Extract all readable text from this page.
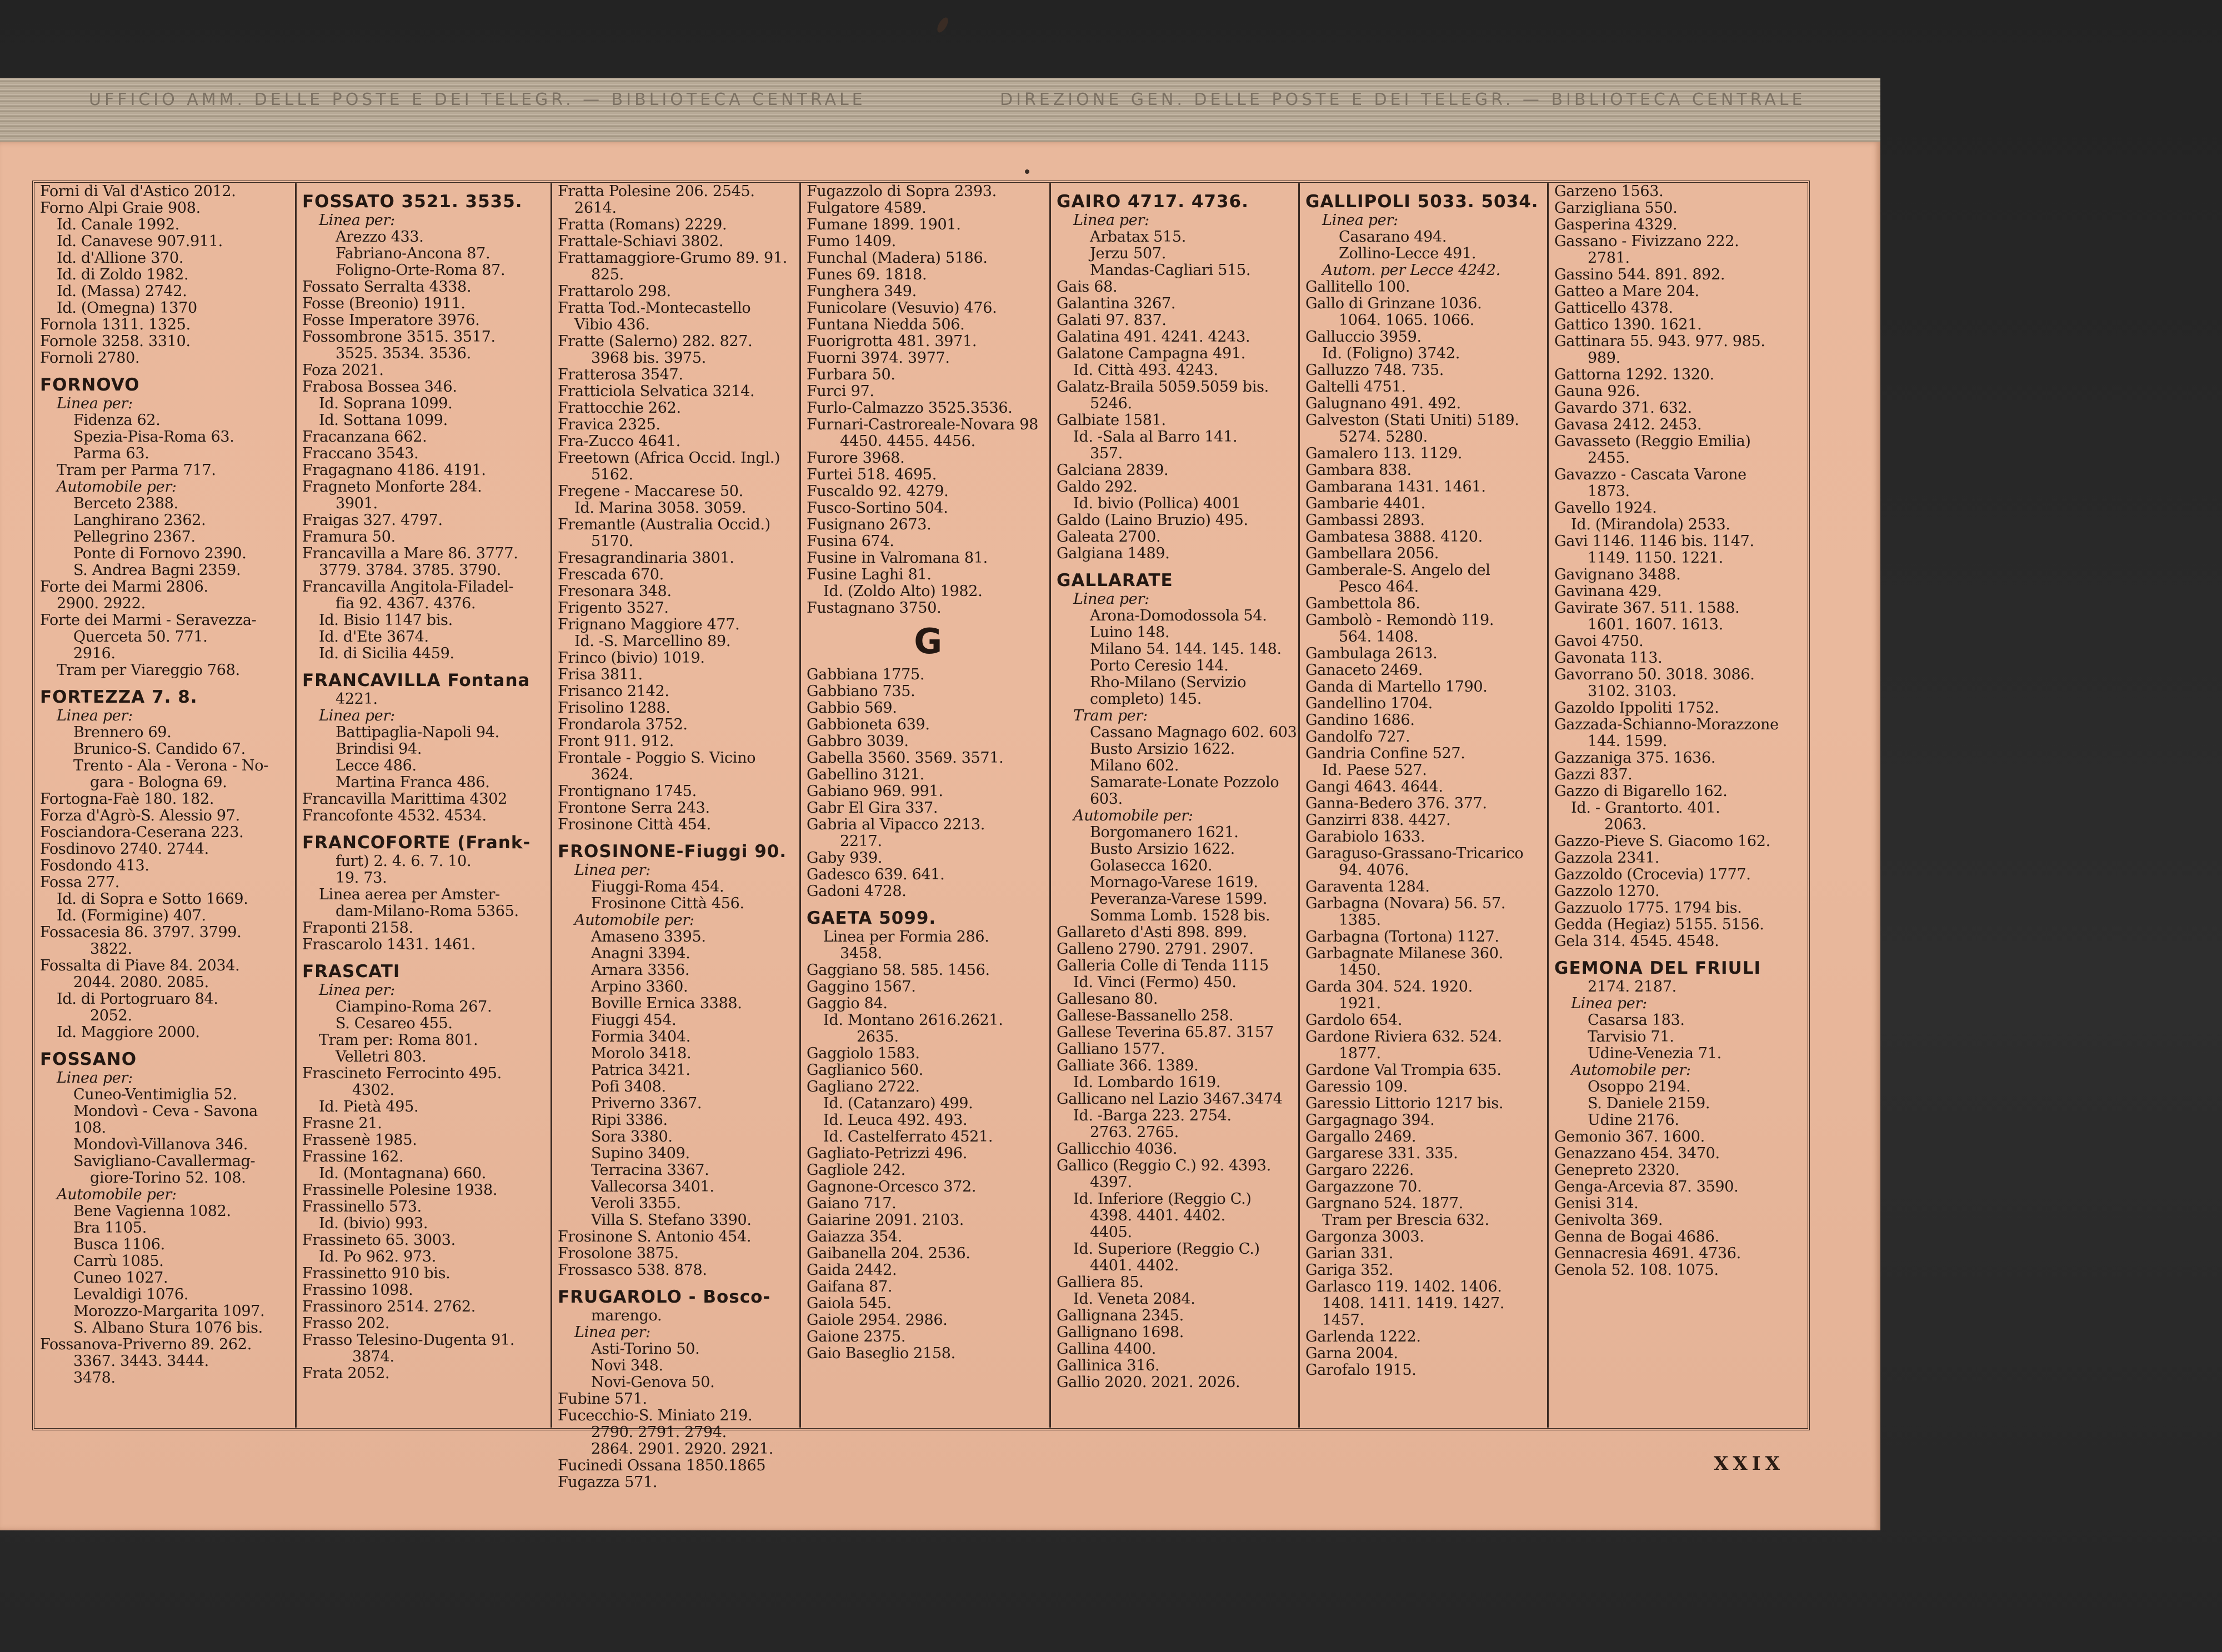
UFFICIO AMM. DELLE POSTE E DEI TELEGR. — BIBLIOTECA CENTRALE	DIREZIONE GEN. DELLE POSTE E DEI TELEGR. — BIBLIOTECA CENTRALE
Forni di Val d'Astico 2012.
Forno Alpi Graie 908.
Id. Canale 1992.
Id. Canavese 907.911.
Id. d'Allione 370.
Id. di Zoldo 1982.
Id. (Massa) 2742.
Id. (Omegna) 1370
Fornola 1311. 1325.
Fornole 3258. 3310.
Fornoli 2780.
FORNOVO
Linea per:
Fidenza 62.
Spezia-Pisa-Roma 63.
Parma 63.
Tram per Parma 717.
Automobile per:
Berceto 2388.
Langhirano 2362.
Pellegrino 2367.
Ponte di Fornovo 2390.
S. Andrea Bagni 2359.
Forte dei Marmi 2806.
2900. 2922.
Forte dei Marmi - Seravezza-
Querceta 50. 771.
2916.
Tram per Viareggio 768.
FORTEZZA 7. 8.
Linea per:
Brennero 69.
Brunico-S. Candido 67.
Trento - Ala - Verona - No-
gara - Bologna 69.
Fortogna-Faè 180. 182.
Forza d'Agrò-S. Alessio 97.
Fosciandora-Ceserana 223.
Fosdinovo 2740. 2744.
Fosdondo 413.
Fossa 277.
Id. di Sopra e Sotto 1669.
Id. (Formigine) 407.
Fossacesia 86. 3797. 3799.
3822.
Fossalta di Piave 84. 2034.
2044. 2080. 2085.
Id. di Portogruaro 84.
2052.
Id. Maggiore 2000.
FOSSANO
Linea per:
Cuneo-Ventimiglia 52.
Mondovì - Ceva - Savona
108.
Mondovì-Villanova 346.
Savigliano-Cavallermag-
giore-Torino 52. 108.
Automobile per:
Bene Vagienna 1082.
Bra 1105.
Busca 1106.
Carrù 1085.
Cuneo 1027.
Levaldigi 1076.
Morozzo-Margarita 1097.
S. Albano Stura 1076 bis.
Fossanova-Priverno 89. 262.
3367. 3443. 3444.
3478.
FOSSATO 3521. 3535.
Linea per:
Arezzo 433.
Fabriano-Ancona 87.
Foligno-Orte-Roma 87.
Fossato Serralta 4338.
Fosse (Breonio) 1911.
Fosse Imperatore 3976.
Fossombrone 3515. 3517.
3525. 3534. 3536.
Foza 2021.
Frabosa Bossea 346.
Id. Soprana 1099.
Id. Sottana 1099.
Fracanzana 662.
Fraccano 3543.
Fragagnano 4186. 4191.
Fragneto Monforte 284.
3901.
Fraigas 327. 4797.
Framura 50.
Francavilla a Mare 86. 3777.
3779. 3784. 3785. 3790.
Francavilla Angitola-Filadel-
fia 92. 4367. 4376.
Id. Bisio 1147 bis.
Id. d'Ete 3674.
Id. di Sicilia 4459.
FRANCAVILLA Fontana
4221.
Linea per:
Battipaglia-Napoli 94.
Brindisi 94.
Lecce 486.
Martina Franca 486.
Francavilla Marittima 4302
Francofonte 4532. 4534.
FRANCOFORTE (Frank-
furt) 2. 4. 6. 7. 10.
19. 73.
Linea aerea per Amster-
dam-Milano-Roma 5365.
Fraponti 2158.
Frascarolo 1431. 1461.
FRASCATI
Linea per:
Ciampino-Roma 267.
S. Cesareo 455.
Tram per: Roma 801.
Velletri 803.
Frascineto Ferrocinto 495.
4302.
Id. Pietà 495.
Frasne 21.
Frassenè 1985.
Frassine 162.
Id. (Montagnana) 660.
Frassinelle Polesine 1938.
Frassinello 573.
Id. (bivio) 993.
Frassineto 65. 3003.
Id. Po 962. 973.
Frassinetto 910 bis.
Frassino 1098.
Frassinoro 2514. 2762.
Frasso 202.
Frasso Telesino-Dugenta 91.
3874.
Frata 2052.
Fratta Polesine 206. 2545.
2614.
Fratta (Romans) 2229.
Frattale-Schiavi 3802.
Frattamaggiore-Grumo 89. 91.
825.
Frattarolo 298.
Fratta Tod.-Montecastello
Vibio 436.
Fratte (Salerno) 282. 827.
3968 bis. 3975.
Fratterosa 3547.
Fratticiola Selvatica 3214.
Frattocchie 262.
Fravica 2325.
Fra-Zucco 4641.
Freetown (Africa Occid. Ingl.)
5162.
Fregene - Maccarese 50.
Id. Marina 3058. 3059.
Fremantle (Australia Occid.)
5170.
Fresagrandinaria 3801.
Frescada 670.
Fresonara 348.
Frigento 3527.
Frignano Maggiore 477.
Id. -S. Marcellino 89.
Frinco (bivio) 1019.
Frisa 3811.
Frisanco 2142.
Frisolino 1288.
Frondarola 3752.
Front 911. 912.
Frontale - Poggio S. Vicino
3624.
Frontignano 1745.
Frontone Serra 243.
Frosinone Città 454.
FROSINONE-Fiuggi 90.
Linea per:
Fiuggi-Roma 454.
Frosinone Città 456.
Automobile per:
Amaseno 3395.
Anagni 3394.
Arnara 3356.
Arpino 3360.
Boville Ernica 3388.
Fiuggi 454.
Formia 3404.
Morolo 3418.
Patrica 3421.
Pofi 3408.
Priverno 3367.
Ripi 3386.
Sora 3380.
Supino 3409.
Terracina 3367.
Vallecorsa 3401.
Veroli 3355.
Villa S. Stefano 3390.
Frosinone S. Antonio 454.
Frosolone 3875.
Frossasco 538. 878.
FRUGAROLO - Bosco-
marengo.
Linea per:
Asti-Torino 50.
Novi 348.
Novi-Genova 50.
Fubine 571.
Fucecchio-S. Miniato 219.
2790. 2791. 2794.
2864. 2901. 2920. 2921.
Fucinedi Ossana 1850.1865
Fugazza 571.
Fugazzolo di Sopra 2393.
Fulgatore 4589.
Fumane 1899. 1901.
Fumo 1409.
Funchal (Madera) 5186.
Funes 69. 1818.
Funghera 349.
Funicolare (Vesuvio) 476.
Funtana Niedda 506.
Fuorigrotta 481. 3971.
Fuorni 3974. 3977.
Furbara 50.
Furci 97.
Furlo-Calmazzo 3525.3536.
Furnari-Castroreale-Novara 98
4450. 4455. 4456.
Furore 3968.
Furtei 518. 4695.
Fuscaldo 92. 4279.
Fusco-Sortino 504.
Fusignano 2673.
Fusina 674.
Fusine in Valromana 81.
Fusine Laghi 81.
Id. (Zoldo Alto) 1982.
Fustagnano 3750.
G
Gabbiana 1775.
Gabbiano 735.
Gabbio 569.
Gabbioneta 639.
Gabbro 3039.
Gabella 3560. 3569. 3571.
Gabellino 3121.
Gabiano 969. 991.
Gabr El Gira 337.
Gabria al Vipacco 2213.
2217.
Gaby 939.
Gadesco 639. 641.
Gadoni 4728.
GAETA 5099.
Linea per Formia 286.
3458.
Gaggiano 58. 585. 1456.
Gaggino 1567.
Gaggio 84.
Id. Montano 2616.2621.
2635.
Gaggiolo 1583.
Gaglianico 560.
Gagliano 2722.
Id. (Catanzaro) 499.
Id. Leuca 492. 493.
Id. Castelferrato 4521.
Gagliato-Petrizzi 496.
Gagliole 242.
Gagnone-Orcesco 372.
Gaiano 717.
Gaiarine 2091. 2103.
Gaiazza 354.
Gaibanella 204. 2536.
Gaida 2442.
Gaifana 87.
Gaiola 545.
Gaiole 2954. 2986.
Gaione 2375.
Gaio Baseglio 2158.
GAIRO 4717. 4736.
Linea per:
Arbatax 515.
Jerzu 507.
Mandas-Cagliari 515.
Gais 68.
Galantina 3267.
Galati 97. 837.
Galatina 491. 4241. 4243.
Galatone Campagna 491.
Id. Città 493. 4243.
Galatz-Braila 5059.5059 bis.
5246.
Galbiate 1581.
Id. -Sala al Barro 141.
357.
Galciana 2839.
Galdo 292.
Id. bivio (Pollica) 4001
Galdo (Laino Bruzio) 495.
Galeata 2700.
Galgiana 1489.
GALLARATE
Linea per:
Arona-Domodossola 54.
Luino 148.
Milano 54. 144. 145. 148.
Porto Ceresio 144.
Rho-Milano (Servizio
completo) 145.
Tram per:
Cassano Magnago 602. 603
Busto Arsizio 1622.
Milano 602.
Samarate-Lonate Pozzolo
603.
Automobile per:
Borgomanero 1621.
Busto Arsizio 1622.
Golasecca 1620.
Mornago-Varese 1619.
Peveranza-Varese 1599.
Somma Lomb. 1528 bis.
Gallareto d'Asti 898. 899.
Galleno 2790. 2791. 2907.
Galleria Colle di Tenda 1115
Id. Vinci (Fermo) 450.
Gallesano 80.
Gallese-Bassanello 258.
Gallese Teverina 65.87. 3157
Galliano 1577.
Galliate 366. 1389.
Id. Lombardo 1619.
Gallicano nel Lazio 3467.3474
Id. -Barga 223. 2754.
2763. 2765.
Gallicchio 4036.
Gallico (Reggio C.) 92. 4393.
4397.
Id. Inferiore (Reggio C.)
4398. 4401. 4402.
4405.
Id. Superiore (Reggio C.)
4401. 4402.
Galliera 85.
Id. Veneta 2084.
Gallignana 2345.
Gallignano 1698.
Gallina 4400.
Gallinica 316.
Gallio 2020. 2021. 2026.
GALLIPOLI 5033. 5034.
Linea per:
Casarano 494.
Zollino-Lecce 491.
Autom. per Lecce 4242.
Gallitello 100.
Gallo di Grinzane 1036.
1064. 1065. 1066.
Galluccio 3959.
Id. (Foligno) 3742.
Galluzzo 748. 735.
Galtelli 4751.
Galugnano 491. 492.
Galveston (Stati Uniti) 5189.
5274. 5280.
Gamalero 113. 1129.
Gambara 838.
Gambarana 1431. 1461.
Gambarie 4401.
Gambassi 2893.
Gambatesa 3888. 4120.
Gambellara 2056.
Gamberale-S. Angelo del
Pesco 464.
Gambettola 86.
Gambolò - Remondò 119.
564. 1408.
Gambulaga 2613.
Ganaceto 2469.
Ganda di Martello 1790.
Gandellino 1704.
Gandino 1686.
Gandolfo 727.
Gandria Confine 527.
Id. Paese 527.
Gangi 4643. 4644.
Ganna-Bedero 376. 377.
Ganzirri 838. 4427.
Garabiolo 1633.
Garaguso-Grassano-Tricarico
94. 4076.
Garaventa 1284.
Garbagna (Novara) 56. 57.
1385.
Garbagna (Tortona) 1127.
Garbagnate Milanese 360.
1450.
Garda 304. 524. 1920.
1921.
Gardolo 654.
Gardone Riviera 632. 524.
1877.
Gardone Val Trompia 635.
Garessio 109.
Garessio Littorio 1217 bis.
Gargagnago 394.
Gargallo 2469.
Gargarese 331. 335.
Gargaro 2226.
Gargazzone 70.
Gargnano 524. 1877.
Tram per Brescia 632.
Gargonza 3003.
Garian 331.
Gariga 352.
Garlasco 119. 1402. 1406.
1408. 1411. 1419. 1427.
1457.
Garlenda 1222.
Garna 2004.
Garofalo 1915.
Garzeno 1563.
Garzigliana 550.
Gasperina 4329.
Gassano - Fivizzano 222.
2781.
Gassino 544. 891. 892.
Gatteo a Mare 204.
Gatticello 4378.
Gattico 1390. 1621.
Gattinara 55. 943. 977. 985.
989.
Gattorna 1292. 1320.
Gauna 926.
Gavardo 371. 632.
Gavasa 2412. 2453.
Gavasseto (Reggio Emilia)
2455.
Gavazzo - Cascata Varone
1873.
Gavello 1924.
Id. (Mirandola) 2533.
Gavi 1146. 1146 bis. 1147.
1149. 1150. 1221.
Gavignano 3488.
Gavinana 429.
Gavirate 367. 511. 1588.
1601. 1607. 1613.
Gavoi 4750.
Gavonata 113.
Gavorrano 50. 3018. 3086.
3102. 3103.
Gazoldo Ippoliti 1752.
Gazzada-Schianno-Morazzone
144. 1599.
Gazzaniga 375. 1636.
Gazzi 837.
Gazzo di Bigarello 162.
Id. - Grantorto. 401.
2063.
Gazzo-Pieve S. Giacomo 162.
Gazzola 2341.
Gazzoldo (Crocevia) 1777.
Gazzolo 1270.
Gazzuolo 1775. 1794 bis.
Gedda (Hegiaz) 5155. 5156.
Gela 314. 4545. 4548.
GEMONA DEL FRIULI
2174. 2187.
Linea per:
Casarsa 183.
Tarvisio 71.
Udine-Venezia 71.
Automobile per:
Osoppo 2194.
S. Daniele 2159.
Udine 2176.
Gemonio 367. 1600.
Genazzano 454. 3470.
Genepreto 2320.
Genga-Arcevia 87. 3590.
Genisi 314.
Genivolta 369.
Genna de Bogai 4686.
Gennacresia 4691. 4736.
Genola 52. 108. 1075.
XXIX
